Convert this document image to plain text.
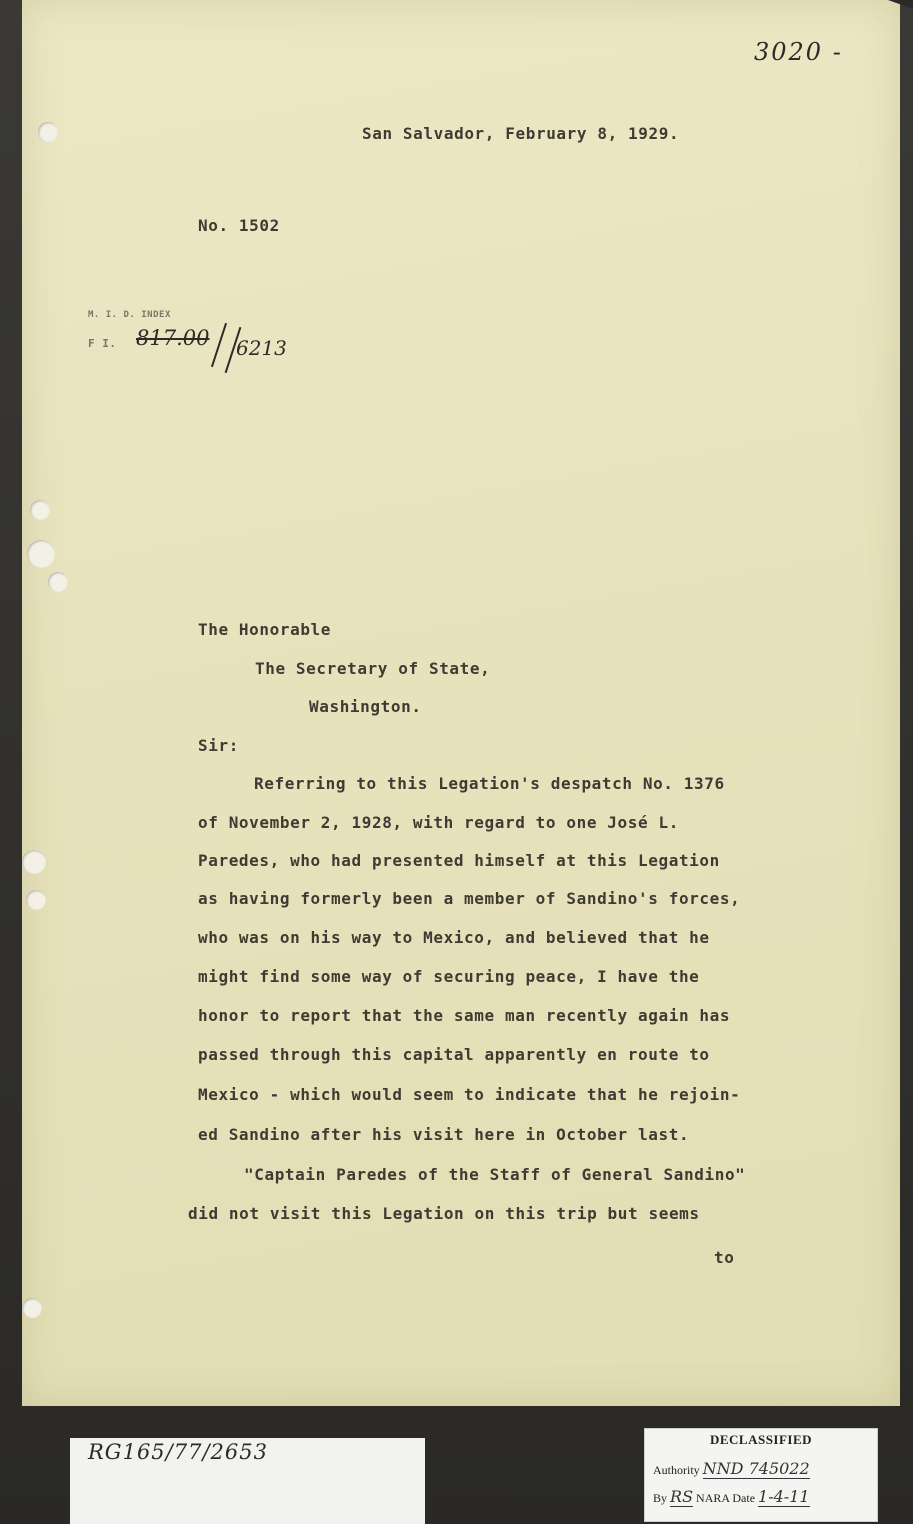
3020 -

San Salvador, February 8, 1929.

No. 1502

M. I. D. INDEX

F I. 817.00 6213

The Honorable

The Secretary of State,

Washington.

Sir:

Referring to this Legation's despatch No. 1376

of November 2, 1928, with regard to one José L.

Paredes, who had presented himself at this Legation

as having formerly been a member of Sandino's forces,

who was on his way to Mexico, and believed that he

might find some way of securing peace, I have the

honor to report that the same man recently again has

passed through this capital apparently en route to

Mexico - which would seem to indicate that he rejoin-

ed Sandino after his visit here in October last.

"Captain Paredes of the Staff of General Sandino"

did not visit this Legation on this trip but seems

to

RG165/77/2653

DECLASSIFIED
Authority NND 745022
By RS NARA Date 1-4-11
